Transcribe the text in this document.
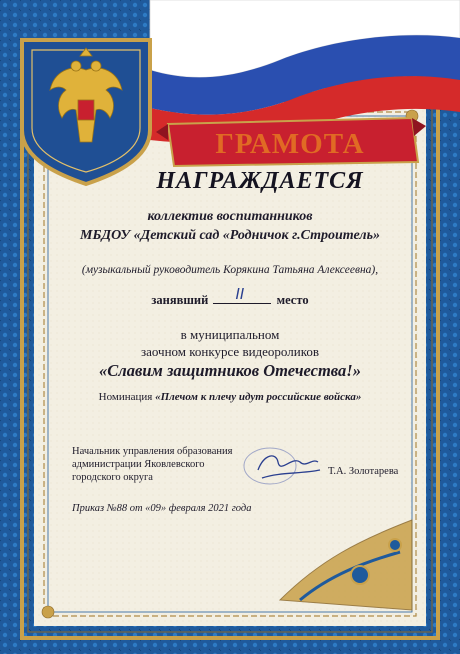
ГРАМОТА
НАГРАЖДАЕТСЯ
коллектив воспитанников
МБДОУ «Детский сад «Родничок г.Строитель»
(музыкальный руководитель Корякина Татьяна Алексеевна),
занявший II	место
в муниципальном
заочном конкурсе видеороликов
«Славим защитников Отечества!»
Номинация «Плечом к плечу идут российские войска»
Начальник управления образования
администрации Яковлевского
городского округа
Т.А. Золотарева
Приказ №88 от «09» февраля 2021 года
